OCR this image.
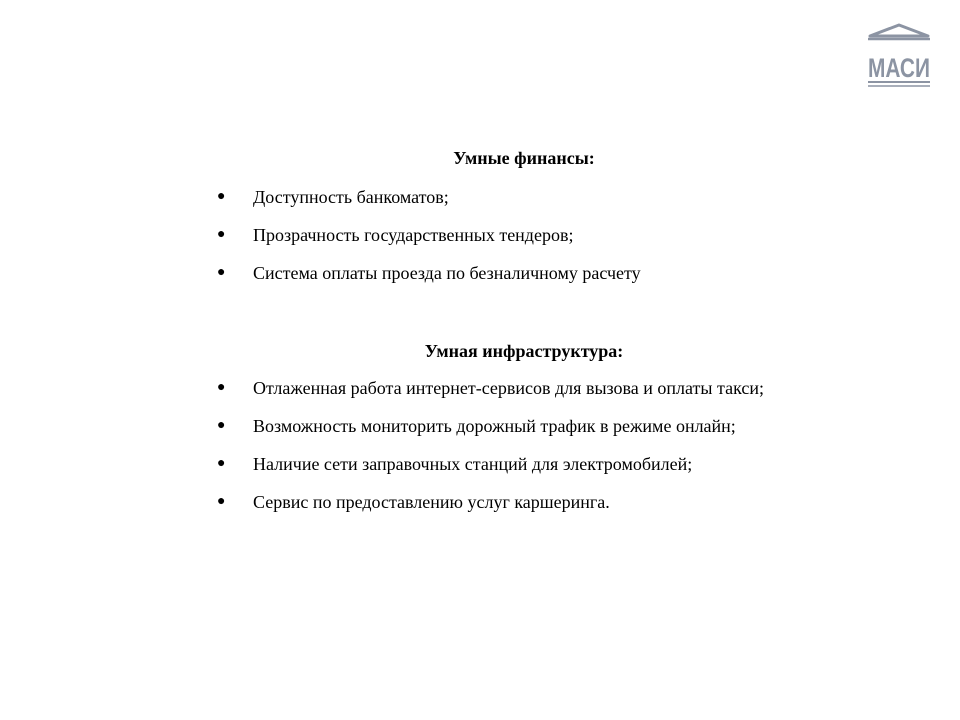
МАСИ
Умные финансы:
● Доступность банкоматов;
● Прозрачность государственных тендеров;
● Система оплаты проезда по безналичному расчету
Умная инфраструктура:
● Отлаженная работа интернет-сервисов для вызова и оплаты такси;
● Возможность мониторить дорожный трафик в режиме онлайн;
● Наличие сети заправочных станций для электромобилей;
● Сервис по предоставлению услуг каршеринга.
